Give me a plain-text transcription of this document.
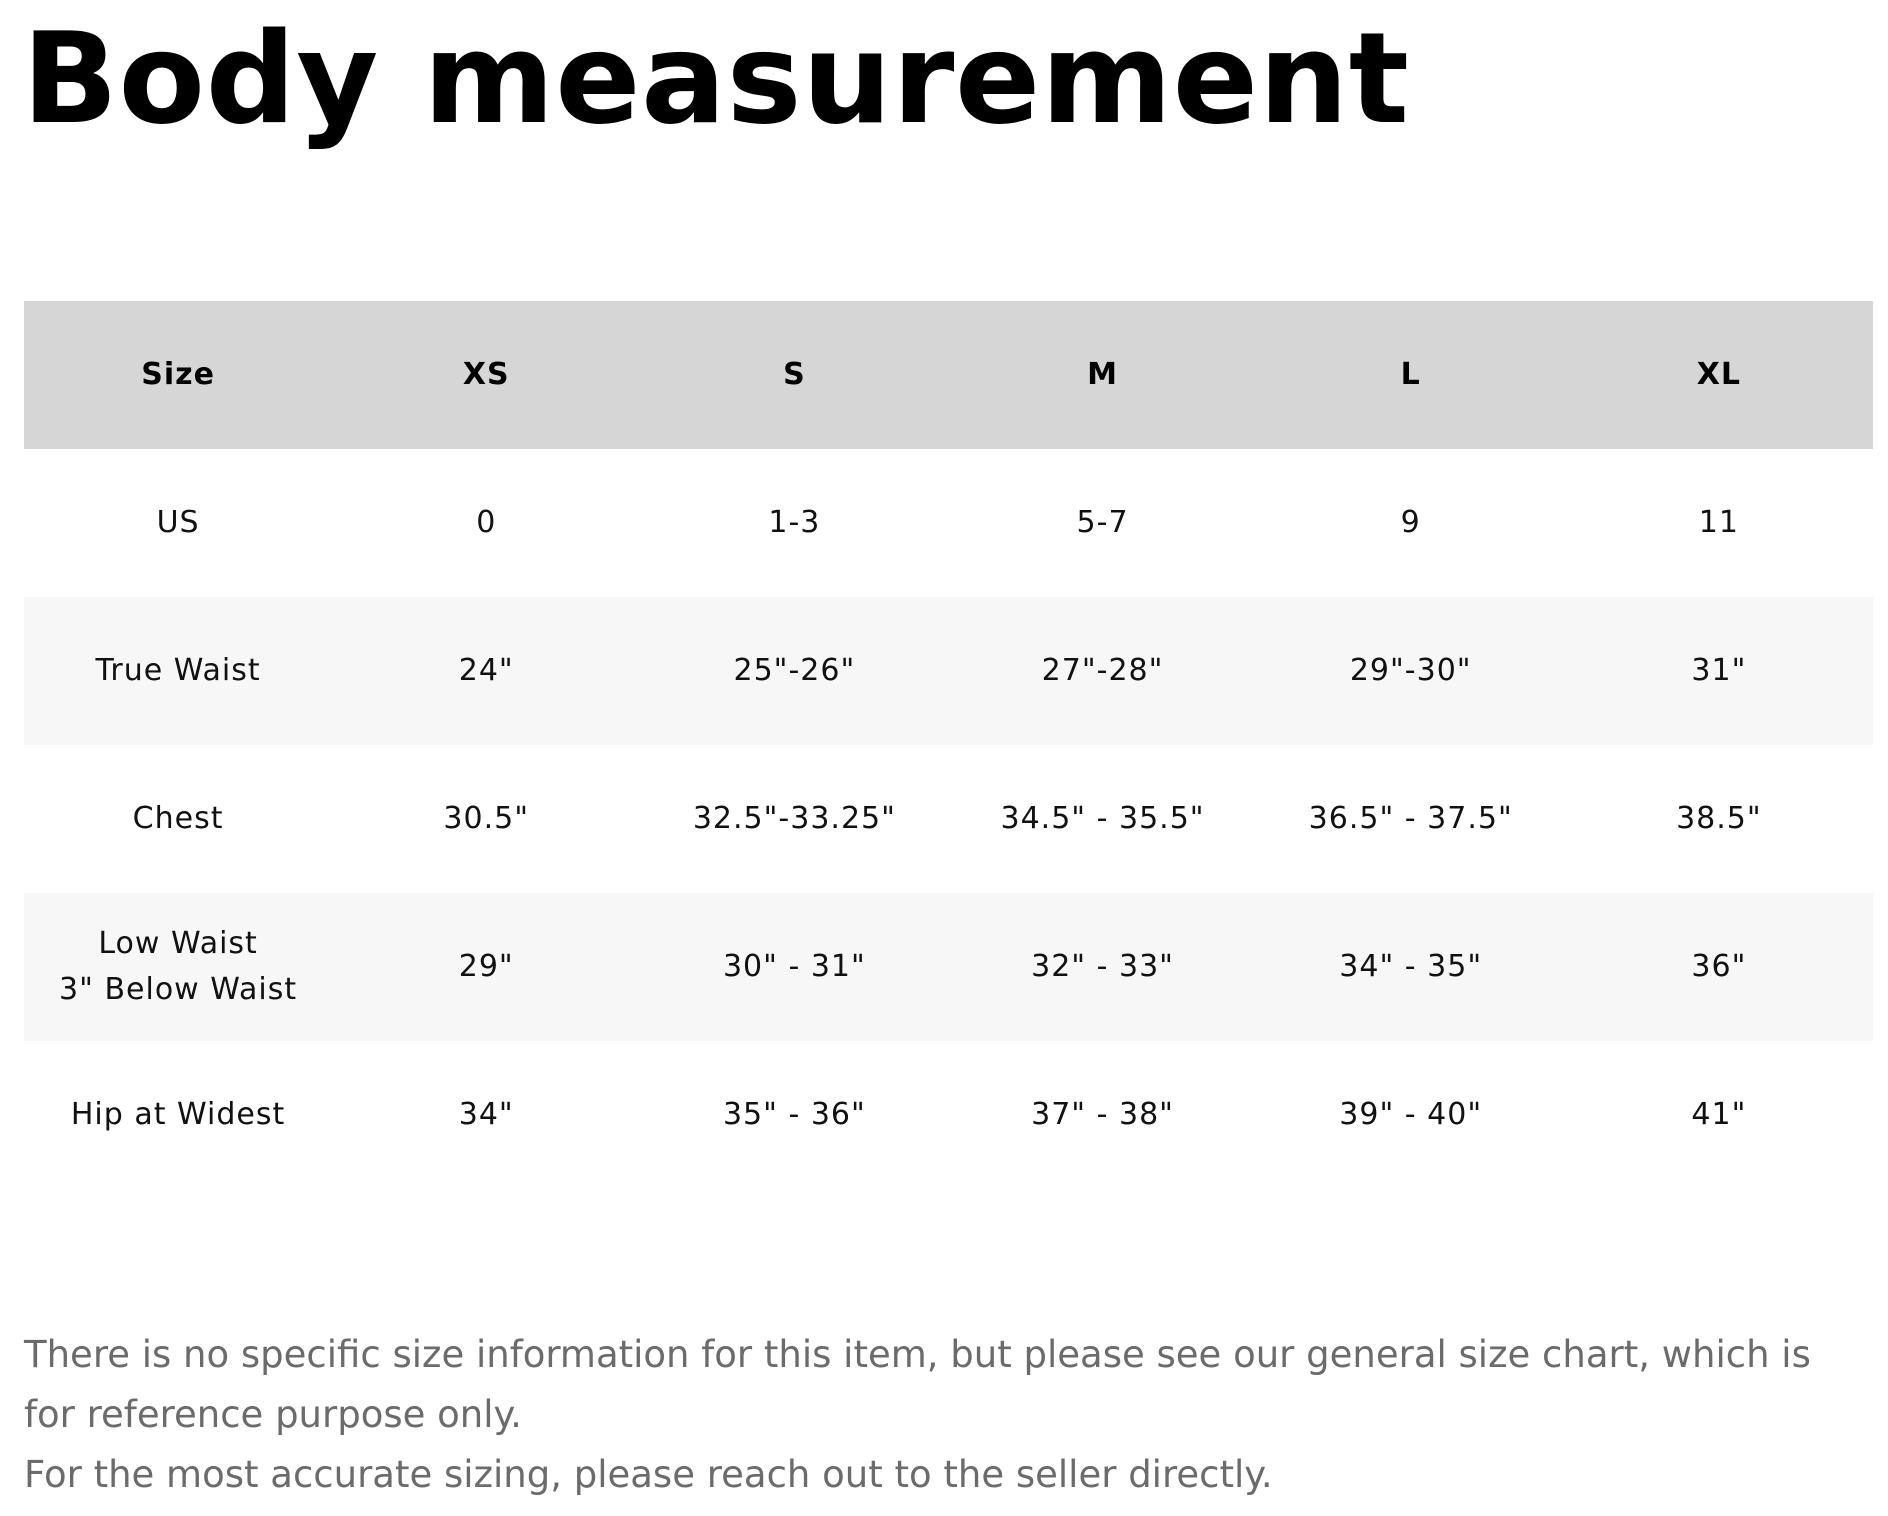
Body measurement
Size	XS	S	M	L	XL

US	0	1-3	5-7	9	11

True Waist	24"	25"-26"	27"-28"	29"-30"	31"

Chest	30.5"	32.5"-33.25"	34.5" - 35.5"	36.5" - 37.5"	38.5"

Low Waist
3" Below Waist	29"	30" - 31"	32" - 33"	34" - 35"	36"

Hip at Widest	34"	35" - 36"	37" - 38"	39" - 40"	41"

There is no specific size information for this item, but please see our general size chart, which is for reference purpose only.

For the most accurate sizing, please reach out to the seller directly.
